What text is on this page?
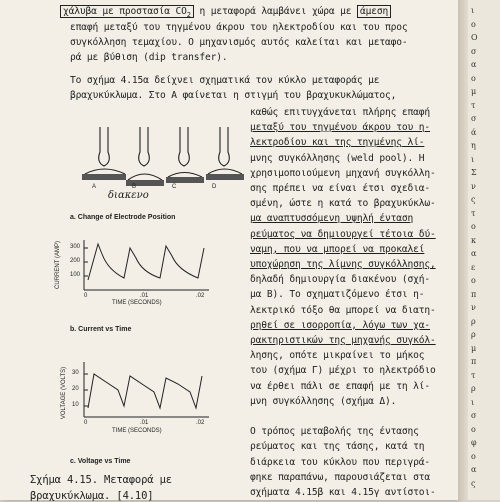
χάλυβα με προστασία $CO_2$ η μεταφορά λαμβάνει χώρα με άμεση
επαφή μεταξύ του τηγμένου άκρου του ηλεκτροδίου και του προς
συγκόλληση τεμαχίου. Ο μηχανισμός αυτός καλείται και μεταφο-
ρά με βύθιση (dip transfer).
Το σχήμα 4.15α δείχνει σχηματικά τον κύκλο μεταφοράς με
βραχυκύκλωμα. Στο Α φαίνεται η στιγμή του βραχυκυκλώματος,
καθώς επιτυγχάνεται πλήρης επαφή
μεταξύ του τηγμένου άκρου του η-
λεκτροδίου και της τηγμένης λί-
μνης συγκόλλησης (weld pool). Η
χρησιμοποιούμενη μηχανή συγκόλλη-
σης πρέπει να είναι έτσι σχεδια-
σμένη, ώστε η κατά το βραχυκύκλω-
μα αναπτυσσόμενη υψηλή ένταση
ρεύματος να δημιουργεί τέτοια δύ-
ναμη, που να μπορεί να προκαλεί
υποχώρηση της λίμνης συγκόλλησης,
δηλαδή δημιουργία διακένου (σχή-
μα Β). Το σχηματιζόμενο έτσι η-
λεκτρικό τόξο θα μπορεί να διατη-
ρηθεί σε ισορροπία, λόγω των χα-
ρακτηριστικών της μηχανής συγκόλ-
λησης, οπότε μικραίνει το μήκος
του (σχήμα Γ) μέχρι το ηλεκτρόδιο
να έρθει πάλι σε επαφή με τη λί-
μνη συγκόλλησης (σχήμα Δ).
Ο τρόπος μεταβολής της έντασης
ρεύματος και της τάσης, κατά τη
διάρκεια του κύκλου που περιγρά-
φηκε παραπάνω, παρουσιάζεται στα
σχήματα 4.15β και 4.15γ αντίστοι-
A	B	C	D
διακενο
a. Change of Electrode Position
300
200
100
CURRENT (AMP)
0	.01	.02
TIME (SECONDS)
b. Current vs Time
30
20
10
VOLTAGE (VOLTS)
0	.01	.02
TIME (SECONDS)
c. Voltage vs Time
Σχήμα 4.15. Μεταφορά με
βραχυκύκλωμα. [4.10]
ι
ο
Ο
σ
α
ο
μ
τ
σ
ά
η
ι
Σ
ν
ς
τ
ο
κ
α
ε
ο
π
ν
ρ
ρ
μ
π
τ
ρ
ι
σ
ο
φ
ο
α
ς
